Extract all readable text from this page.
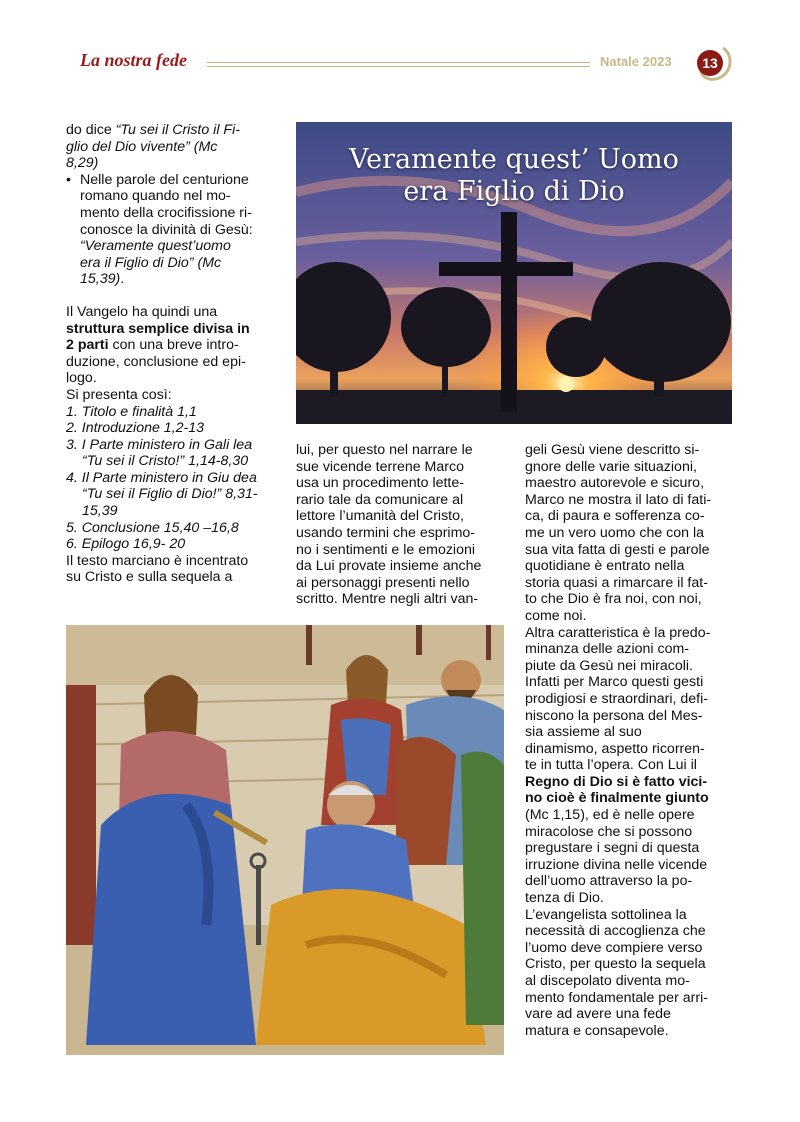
La nostra fede	Natale 2023	13

do dice “Tu sei il Cristo il Fi-

glio del Dio vivente” (Mc

8,29)

• Nelle parole del centurione

romano quando nel mo-

mento della crocifissione ri-

conosce la divinità di Gesù:

“Veramente quest’uomo

era il Figlio di Dio” (Mc

15,39).

Il Vangelo ha quindi una

struttura semplice divisa in

2 parti con una breve intro-

duzione, conclusione ed epi-

logo.

Si presenta così:

1. Titolo e finalità 1,1

2. Introduzione 1,2-13

3. I Parte ministero in Gali lea “Tu sei il Cristo!” 1,14-8,30

4. Il Parte ministero in Giu dea “Tu sei il Figlio di Dio!” 8,31-15,39

5. Conclusione 15,40 –16,8

6. Epilogo 16,9- 20

Il testo marciano è incentrato

su Cristo e sulla sequela a

Veramente quest’ Uomo
era Figlio di Dio

lui, per questo nel narrare le

sue vicende terrene Marco

usa un procedimento lette-

rario tale da comunicare al

lettore l’umanità del Cristo,

usando termini che esprimo-

no i sentimenti e le emozioni

da Lui provate insieme anche

ai personaggi presenti nello

scritto. Mentre negli altri van-

geli Gesù viene descritto si-

gnore delle varie situazioni,

maestro autorevole e sicuro,

Marco ne mostra il lato di fati-

ca, di paura e sofferenza co-

me un vero uomo che con la

sua vita fatta di gesti e parole

quotidiane è entrato nella

storia quasi a rimarcare il fat-

to che Dio è fra noi, con noi,

come noi.

Altra caratteristica è la predo-

minanza delle azioni com-

piute da Gesù nei miracoli.

Infatti per Marco questi gesti

prodigiosi e straordinari, defi-

niscono la persona del Mes-

sia assieme al suo

dinamismo, aspetto ricorren-

te in tutta l’opera. Con Lui il

Regno di Dio si è fatto vici-

no cioè è finalmente giunto

(Mc 1,15), ed è nelle opere

miracolose che si possono

pregustare i segni di questa

irruzione divina nelle vicende

dell’uomo attraverso la po-

tenza di Dio.

L’evangelista sottolinea la

necessità di accoglienza che

l’uomo deve compiere verso

Cristo, per questo la sequela

al discepolato diventa mo-

mento fondamentale per arri-

vare ad avere una fede

matura e consapevole.
